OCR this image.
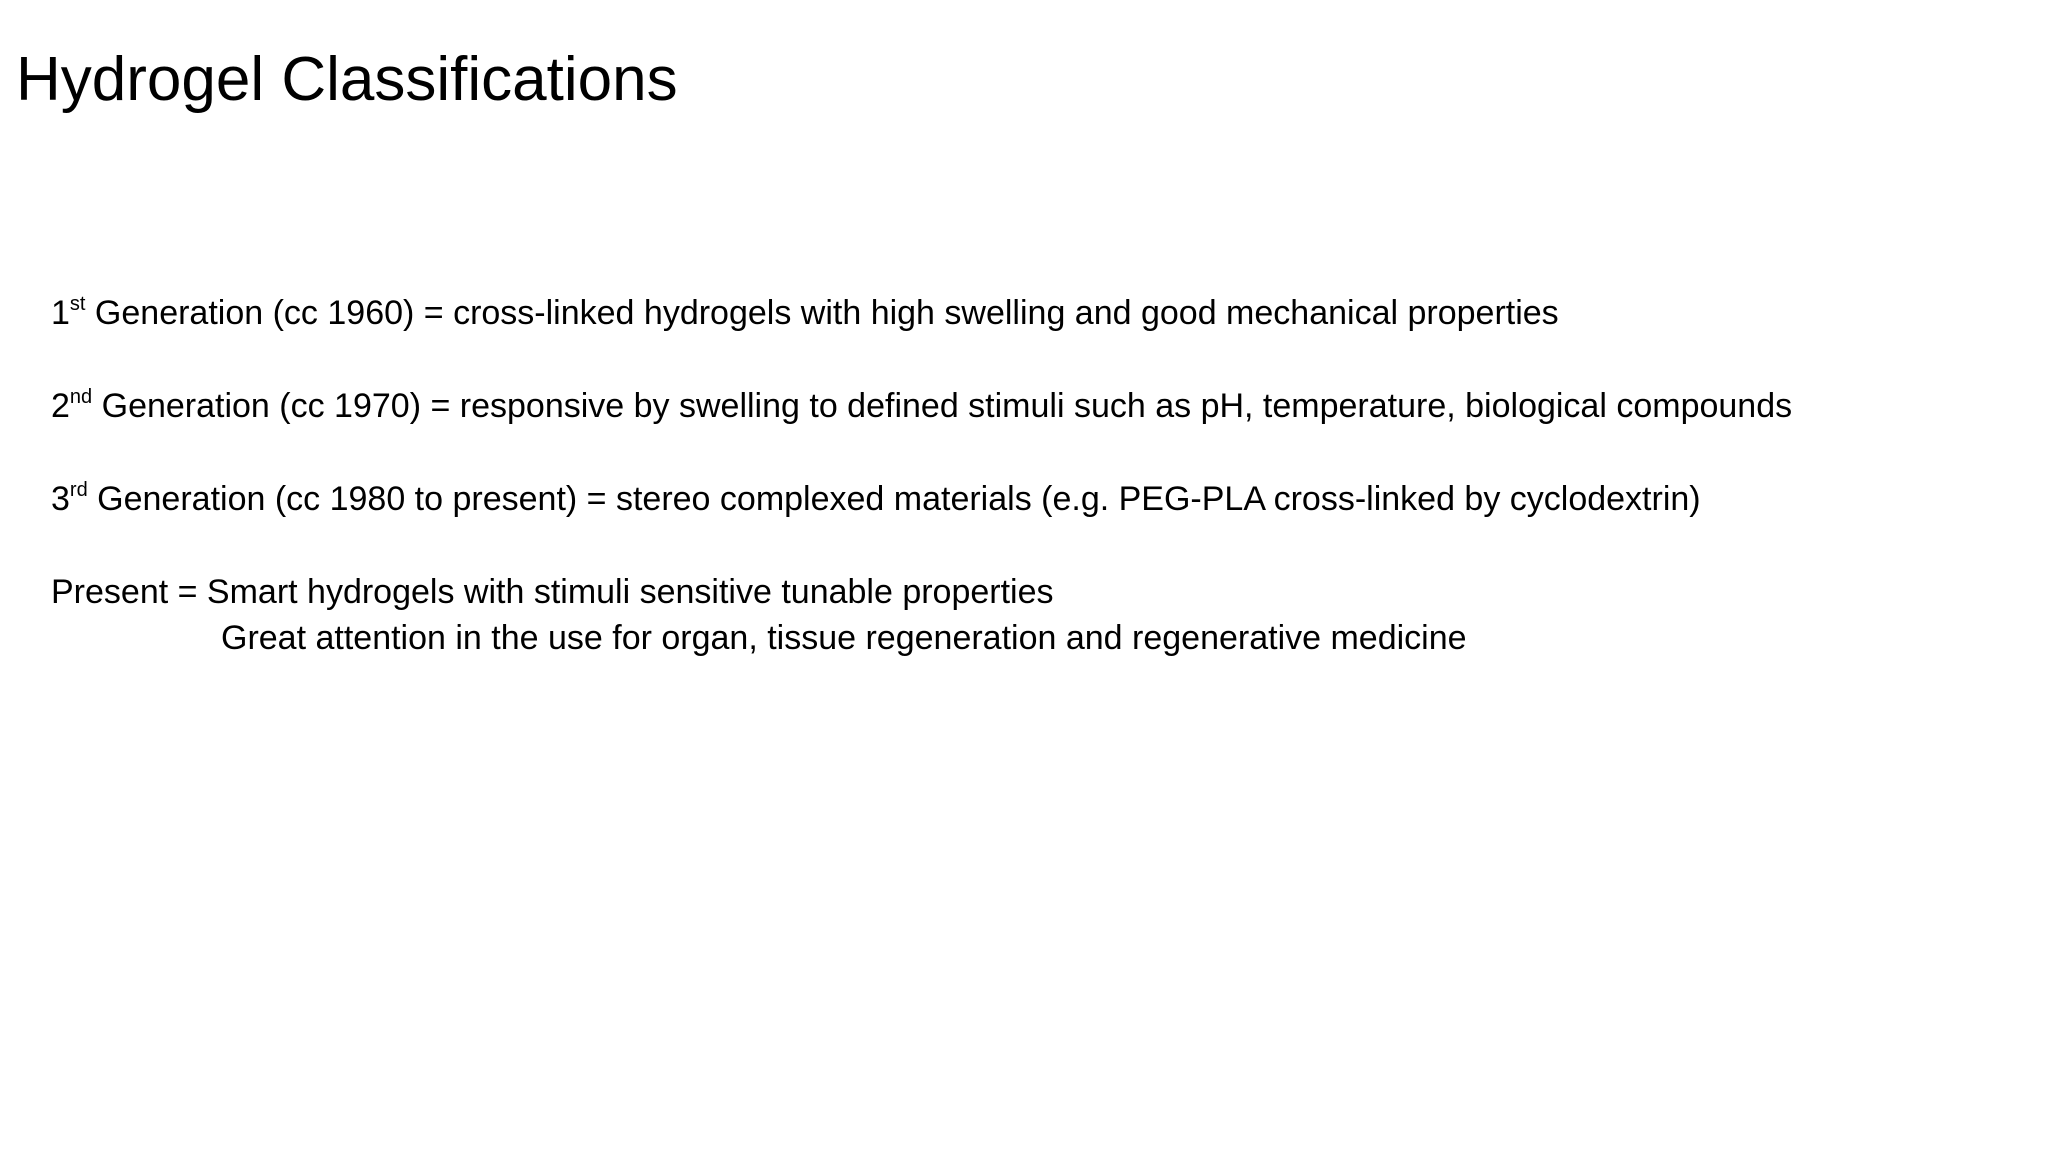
Hydrogel Classifications
1st Generation (cc 1960) = cross-linked hydrogels with high swelling and good mechanical properties
2nd Generation (cc 1970) = responsive by swelling to defined stimuli such as pH, temperature, biological compounds
3rd Generation (cc 1980 to present) = stereo complexed materials (e.g. PEG-PLA cross-linked by cyclodextrin)
Present = Smart hydrogels with stimuli sensitive tunable properties
Great attention in the use for organ, tissue regeneration and regenerative medicine
